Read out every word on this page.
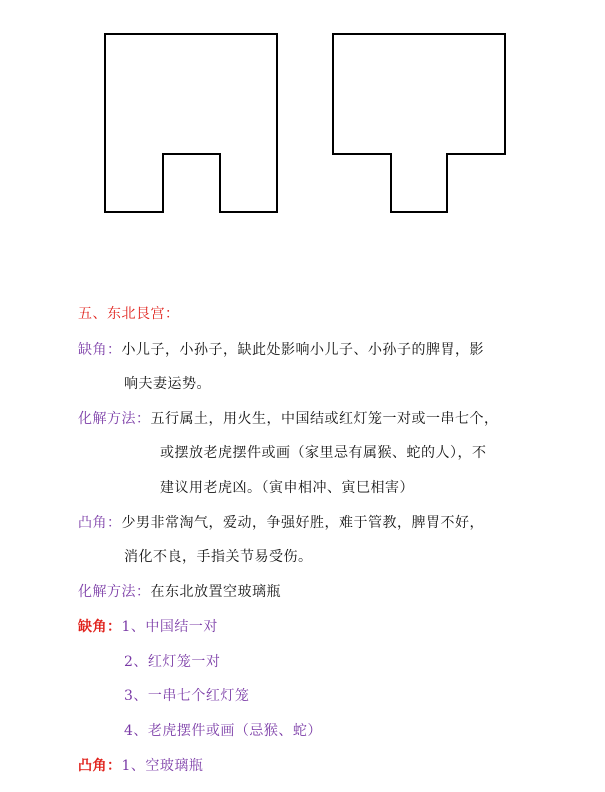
五、东北艮宫：
缺角：小儿子，小孙子，缺此处影响小儿子、小孙子的脾胃，影
响夫妻运势。
化解方法：五行属土，用火生，中国结或红灯笼一对或一串七个，
或摆放老虎摆件或画（家里忌有属猴、蛇的人），不
建议用老虎凶。（寅申相冲、寅巳相害）
凸角：少男非常淘气，爱动，争强好胜，难于管教，脾胃不好，
消化不良，手指关节易受伤。
化解方法：在东北放置空玻璃瓶
缺角：1、中国结一对
2、红灯笼一对
3、一串七个红灯笼
4、老虎摆件或画（忌猴、蛇）
凸角：1、空玻璃瓶
